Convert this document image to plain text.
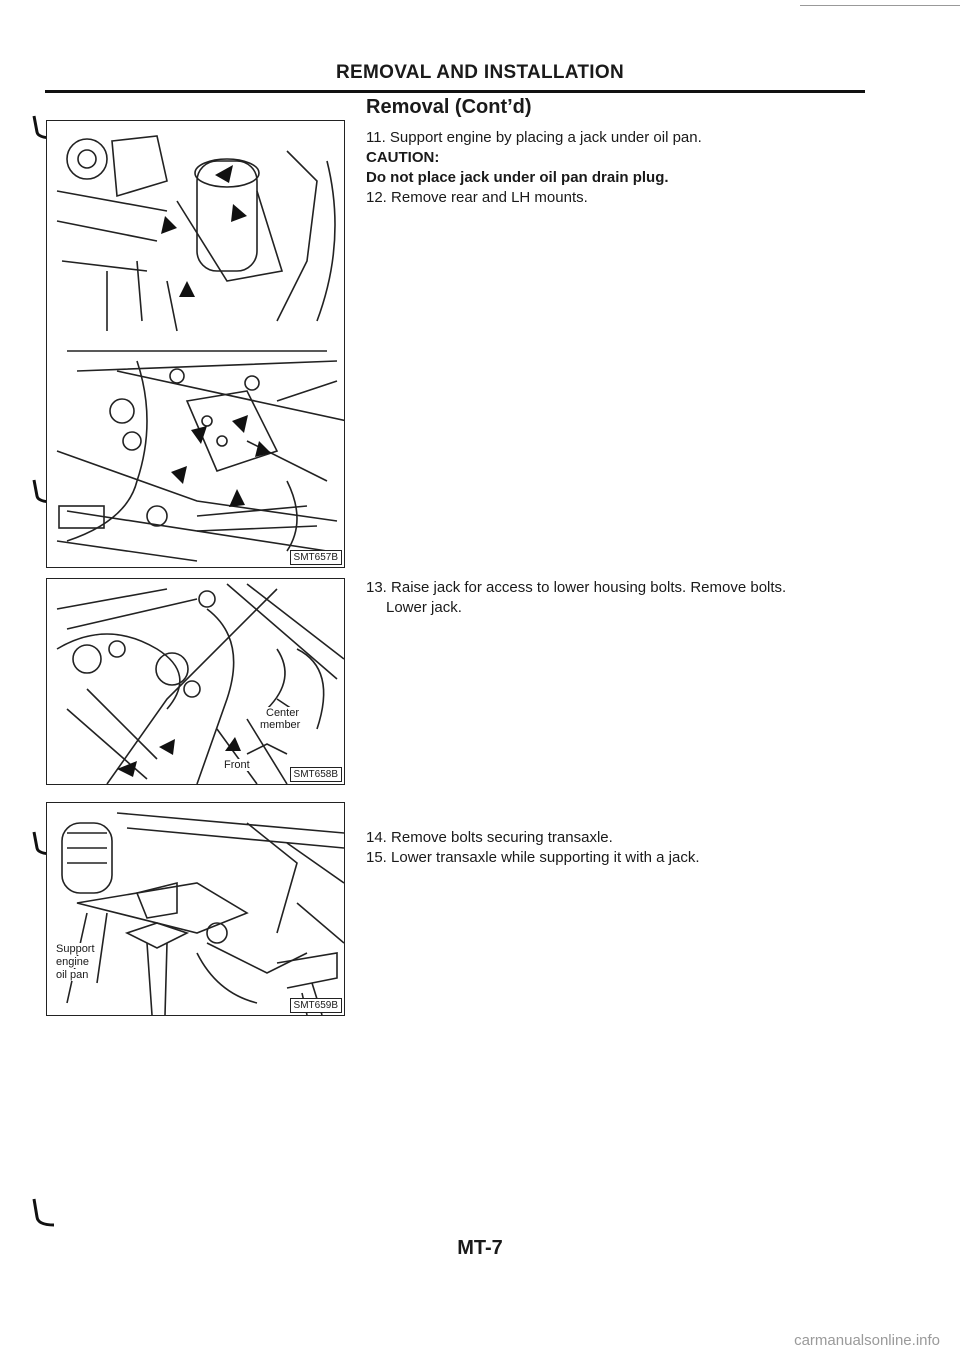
REMOVAL AND INSTALLATION
Removal (Cont’d)

11. Support engine by placing a jack under oil pan.

CAUTION:

Do not place jack under oil pan drain plug.

12. Remove rear and LH mounts.

13. Raise jack for access to lower housing bolts. Remove bolts.

Lower jack.

14. Remove bolts securing transaxle.

15. Lower transaxle while supporting it with a jack.

SMT657B
Center
member
Front
SMT658B
Support
engine
oil pan
SMT659B
MT-7
carmanualsonline.info
